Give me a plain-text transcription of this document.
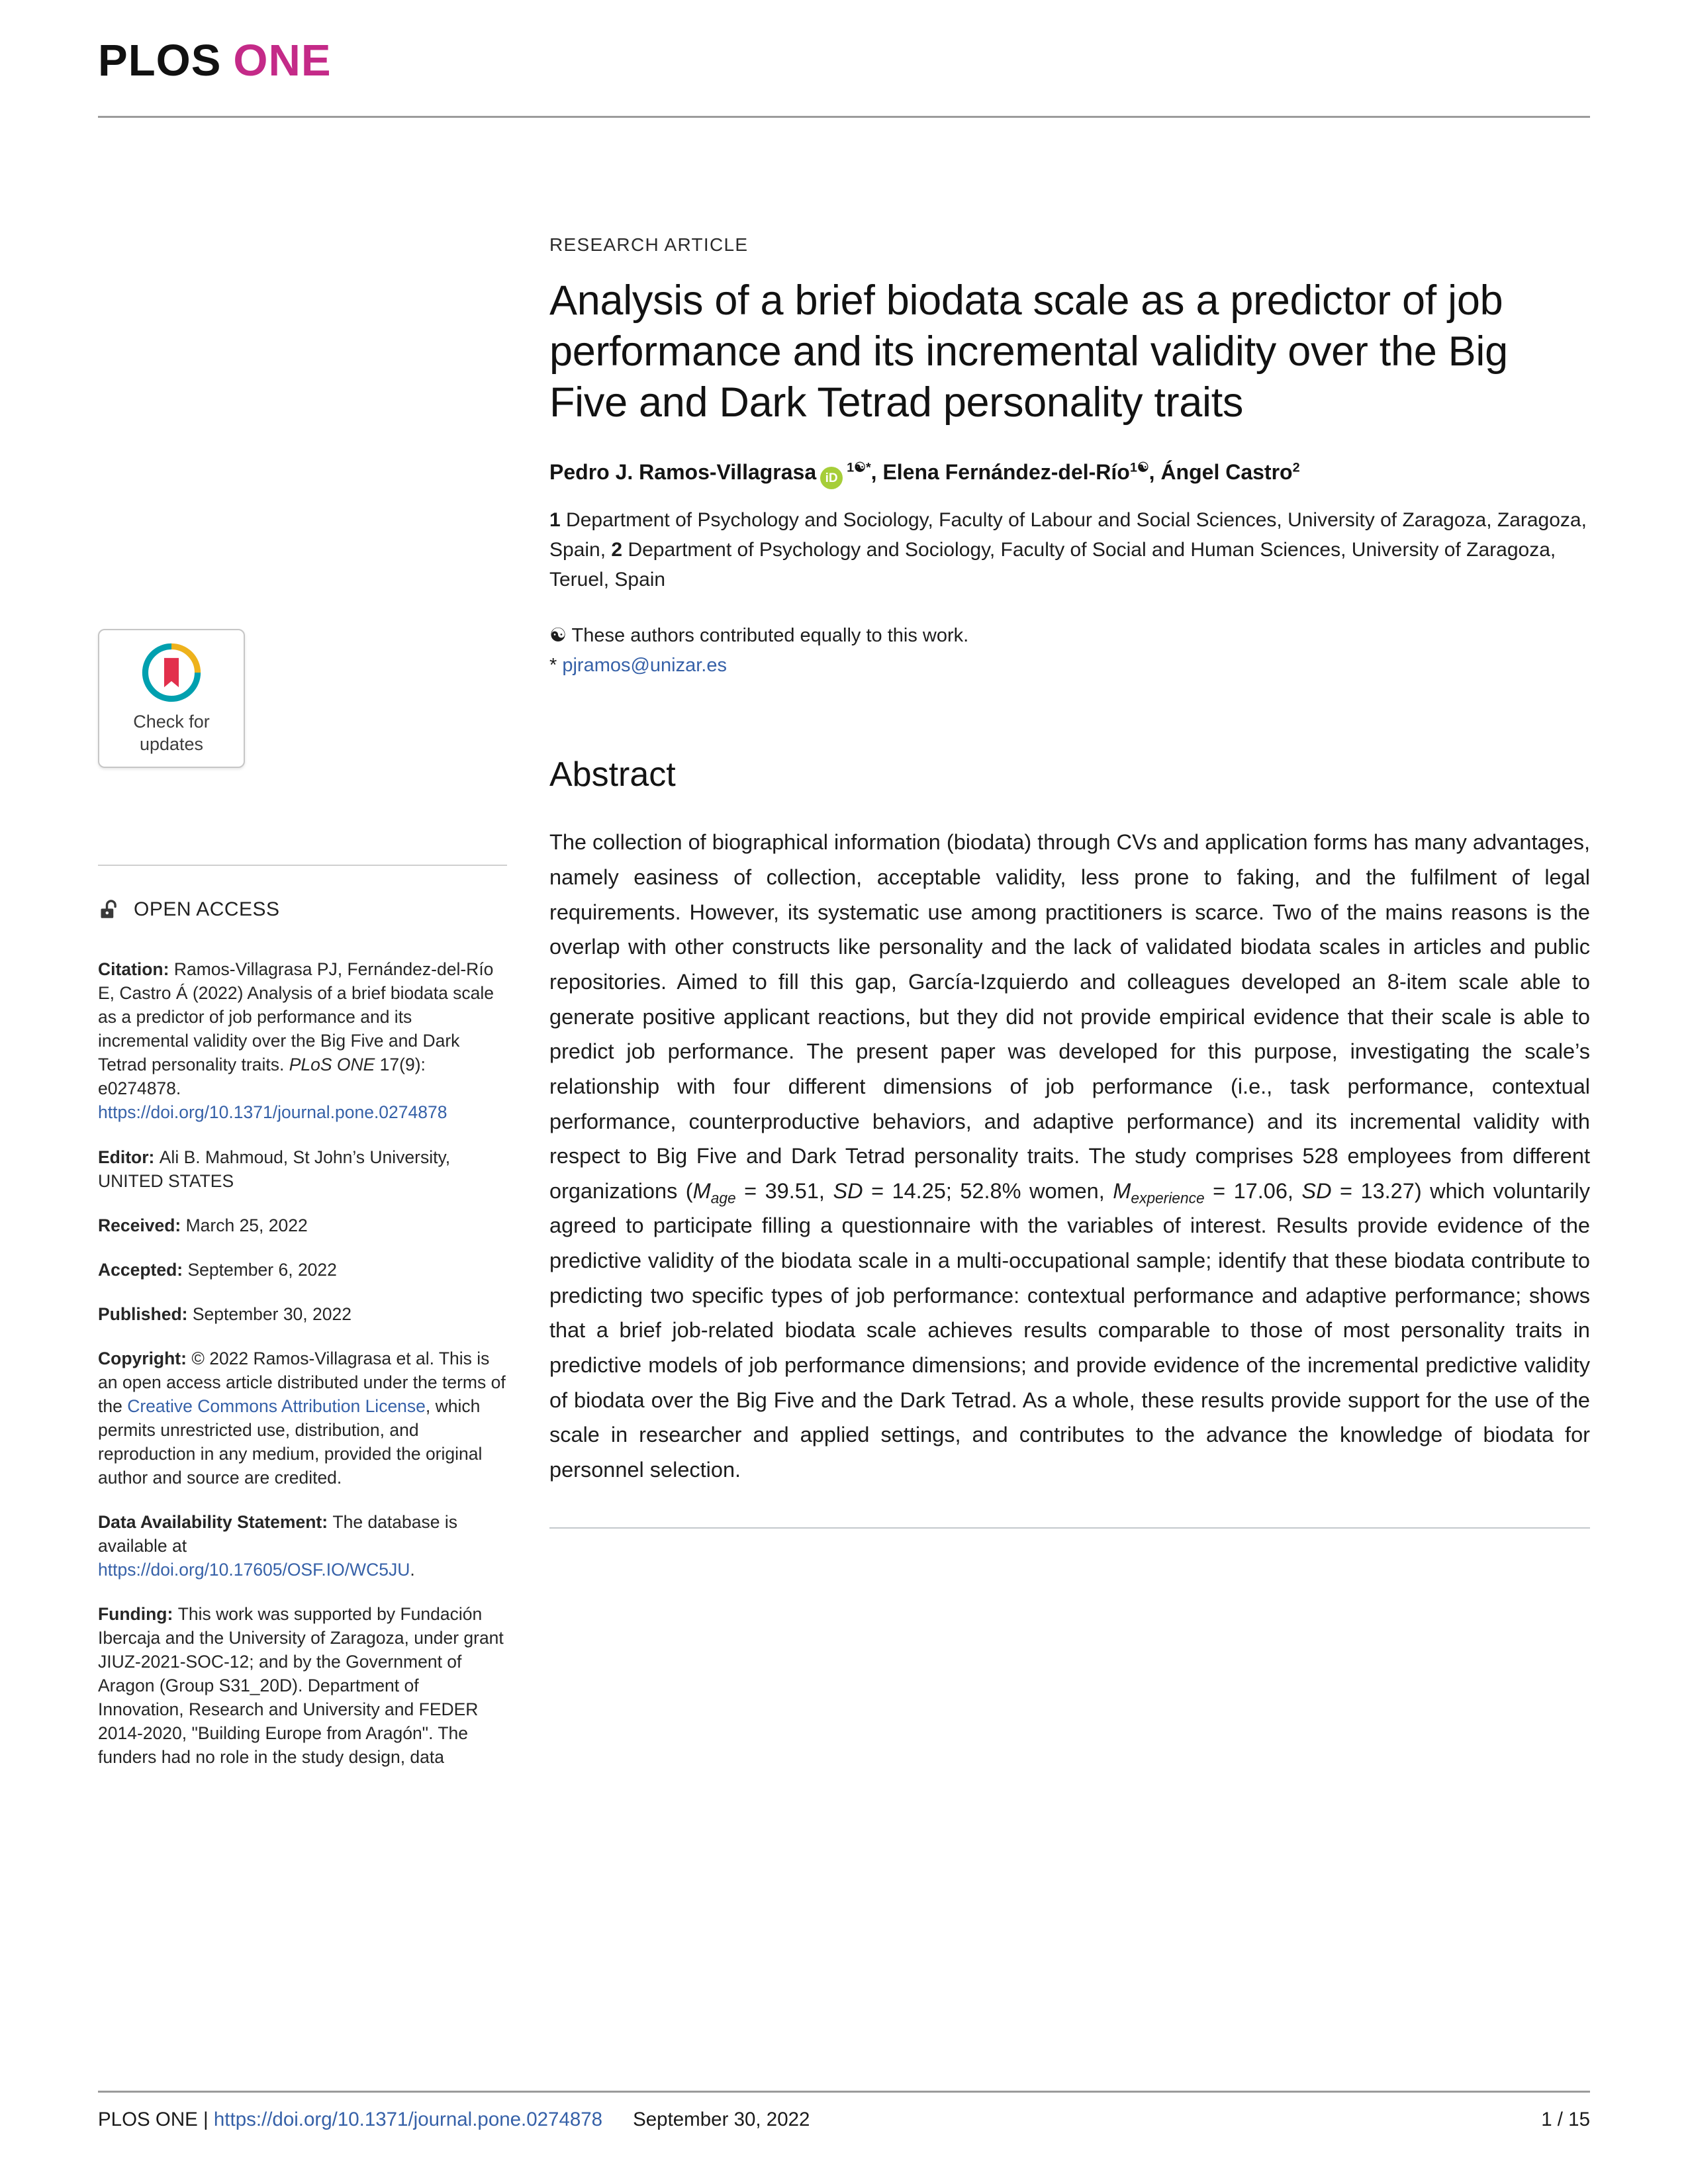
PLOS ONE
Check for
updates
OPEN ACCESS

Citation: Ramos-Villagrasa PJ, Fernández-del-Río E, Castro Á (2022) Analysis of a brief biodata scale as a predictor of job performance and its incremental validity over the Big Five and Dark Tetrad personality traits. PLoS ONE 17(9): e0274878. https://doi.org/10.1371/journal.pone.0274878

Editor: Ali B. Mahmoud, St John’s University, UNITED STATES

Received: March 25, 2022

Accepted: September 6, 2022

Published: September 30, 2022

Copyright: © 2022 Ramos-Villagrasa et al. This is an open access article distributed under the terms of the Creative Commons Attribution License, which permits unrestricted use, distribution, and reproduction in any medium, provided the original author and source are credited.

Data Availability Statement: The database is available at https://doi.org/10.17605/OSF.IO/WC5JU.

Funding: This work was supported by Fundación Ibercaja and the University of Zaragoza, under grant JIUZ-2021-SOC-12; and by the Government of Aragon (Group S31_20D). Department of Innovation, Research and University and FEDER 2014-2020, "Building Europe from Aragón". The funders had no role in the study design, data

RESEARCH ARTICLE
Analysis of a brief biodata scale as a predictor of job performance and its incremental validity over the Big Five and Dark Tetrad personality traits

Pedro J. Ramos-Villagrasa $iD^{1☯*}$, Elena Fernández-del-Río$^{1☯}$, Ángel Castro$^2$

1 Department of Psychology and Sociology, Faculty of Labour and Social Sciences, University of Zaragoza, Zaragoza, Spain, 2 Department of Psychology and Sociology, Faculty of Social and Human Sciences, University of Zaragoza, Teruel, Spain

☯ These authors contributed equally to this work.

* pjramos@unizar.es

Abstract

The collection of biographical information (biodata) through CVs and application forms has many advantages, namely easiness of collection, acceptable validity, less prone to faking, and the fulfilment of legal requirements. However, its systematic use among practitioners is scarce. Two of the mains reasons is the overlap with other constructs like personality and the lack of validated biodata scales in articles and public repositories. Aimed to fill this gap, García-Izquierdo and colleagues developed an 8-item scale able to generate positive applicant reactions, but they did not provide empirical evidence that their scale is able to predict job performance. The present paper was developed for this purpose, investigating the scale’s relationship with four different dimensions of job performance (i.e., task performance, contextual performance, counterproductive behaviors, and adaptive performance) and its incremental validity with respect to Big Five and Dark Tetrad personality traits. The study comprises 528 employees from different organizations ($M_{age} = 39.51$, SD = 14.25; 52.8% women, $M_{experience} = 17.06$, SD = 13.27) which voluntarily agreed to participate filling a questionnaire with the variables of interest. Results provide evidence of the predictive validity of the biodata scale in a multi-occupational sample; identify that these biodata contribute to predicting two specific types of job performance: contextual performance and adaptive performance; shows that a brief job-related biodata scale achieves results comparable to those of most personality traits in predictive models of job performance dimensions; and provide evidence of the incremental predictive validity of biodata over the Big Five and the Dark Tetrad. As a whole, these results provide support for the use of the scale in researcher and applied settings, and contributes to the advance the knowledge of biodata for personnel selection.

PLOS ONE | https://doi.org/10.1371/journal.pone.0274878 September 30, 2022	1 / 15
